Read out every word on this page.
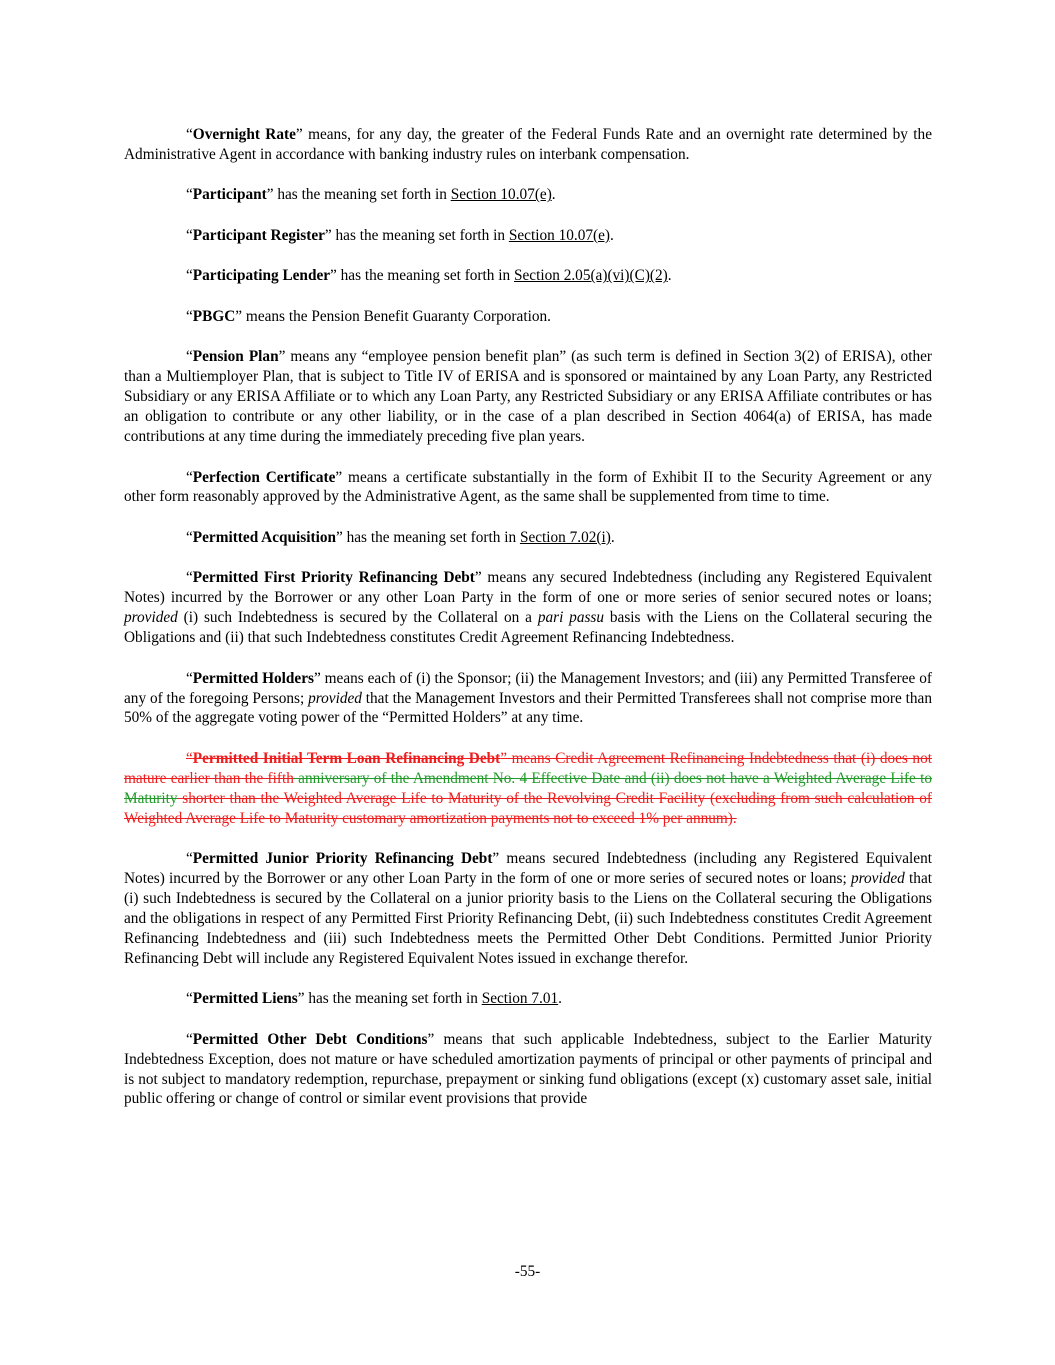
“Overnight Rate” means, for any day, the greater of the Federal Funds Rate and an overnight rate determined by the Administrative Agent in accordance with banking industry rules on interbank compensation.

“Participant” has the meaning set forth in Section 10.07(e).

“Participant Register” has the meaning set forth in Section 10.07(e).

“Participating Lender” has the meaning set forth in Section 2.05(a)(vi)(C)(2).

“PBGC” means the Pension Benefit Guaranty Corporation.

“Pension Plan” means any “employee pension benefit plan” (as such term is defined in Section 3(2) of ERISA), other than a Multiemployer Plan, that is subject to Title IV of ERISA and is sponsored or maintained by any Loan Party, any Restricted Subsidiary or any ERISA Affiliate or to which any Loan Party, any Restricted Subsidiary or any ERISA Affiliate contributes or has an obligation to contribute or any other liability, or in the case of a plan described in Section 4064(a) of ERISA, has made contributions at any time during the immediately preceding five plan years.

“Perfection Certificate” means a certificate substantially in the form of Exhibit II to the Security Agreement or any other form reasonably approved by the Administrative Agent, as the same shall be supplemented from time to time.

“Permitted Acquisition” has the meaning set forth in Section 7.02(i).

“Permitted First Priority Refinancing Debt” means any secured Indebtedness (including any Registered Equivalent Notes) incurred by the Borrower or any other Loan Party in the form of one or more series of senior secured notes or loans; provided (i) such Indebtedness is secured by the Collateral on a pari passu basis with the Liens on the Collateral securing the Obligations and (ii) that such Indebtedness constitutes Credit Agreement Refinancing Indebtedness.

“Permitted Holders” means each of (i) the Sponsor; (ii) the Management Investors; and (iii) any Permitted Transferee of any of the foregoing Persons; provided that the Management Investors and their Permitted Transferees shall not comprise more than 50% of the aggregate voting power of the “Permitted Holders” at any time.

“Permitted Initial Term Loan Refinancing Debt” means Credit Agreement Refinancing Indebtedness that (i) does not mature earlier than the fifth anniversary of the Amendment No. 4 Effective Date and (ii) does not have a Weighted Average Life to Maturity shorter than the Weighted Average Life to Maturity of the Revolving Credit Facility (excluding from such calculation of Weighted Average Life to Maturity customary amortization payments not to exceed 1% per annum).

“Permitted Junior Priority Refinancing Debt” means secured Indebtedness (including any Registered Equivalent Notes) incurred by the Borrower or any other Loan Party in the form of one or more series of secured notes or loans; provided that (i) such Indebtedness is secured by the Collateral on a junior priority basis to the Liens on the Collateral securing the Obligations and the obligations in respect of any Permitted First Priority Refinancing Debt, (ii) such Indebtedness constitutes Credit Agreement Refinancing Indebtedness and (iii) such Indebtedness meets the Permitted Other Debt Conditions. Permitted Junior Priority Refinancing Debt will include any Registered Equivalent Notes issued in exchange therefor.

“Permitted Liens” has the meaning set forth in Section 7.01.

“Permitted Other Debt Conditions” means that such applicable Indebtedness, subject to the Earlier Maturity Indebtedness Exception, does not mature or have scheduled amortization payments of principal or other payments of principal and is not subject to mandatory redemption, repurchase, prepayment or sinking fund obligations (except (x) customary asset sale, initial public offering or change of control or similar event provisions that provide

-55-
